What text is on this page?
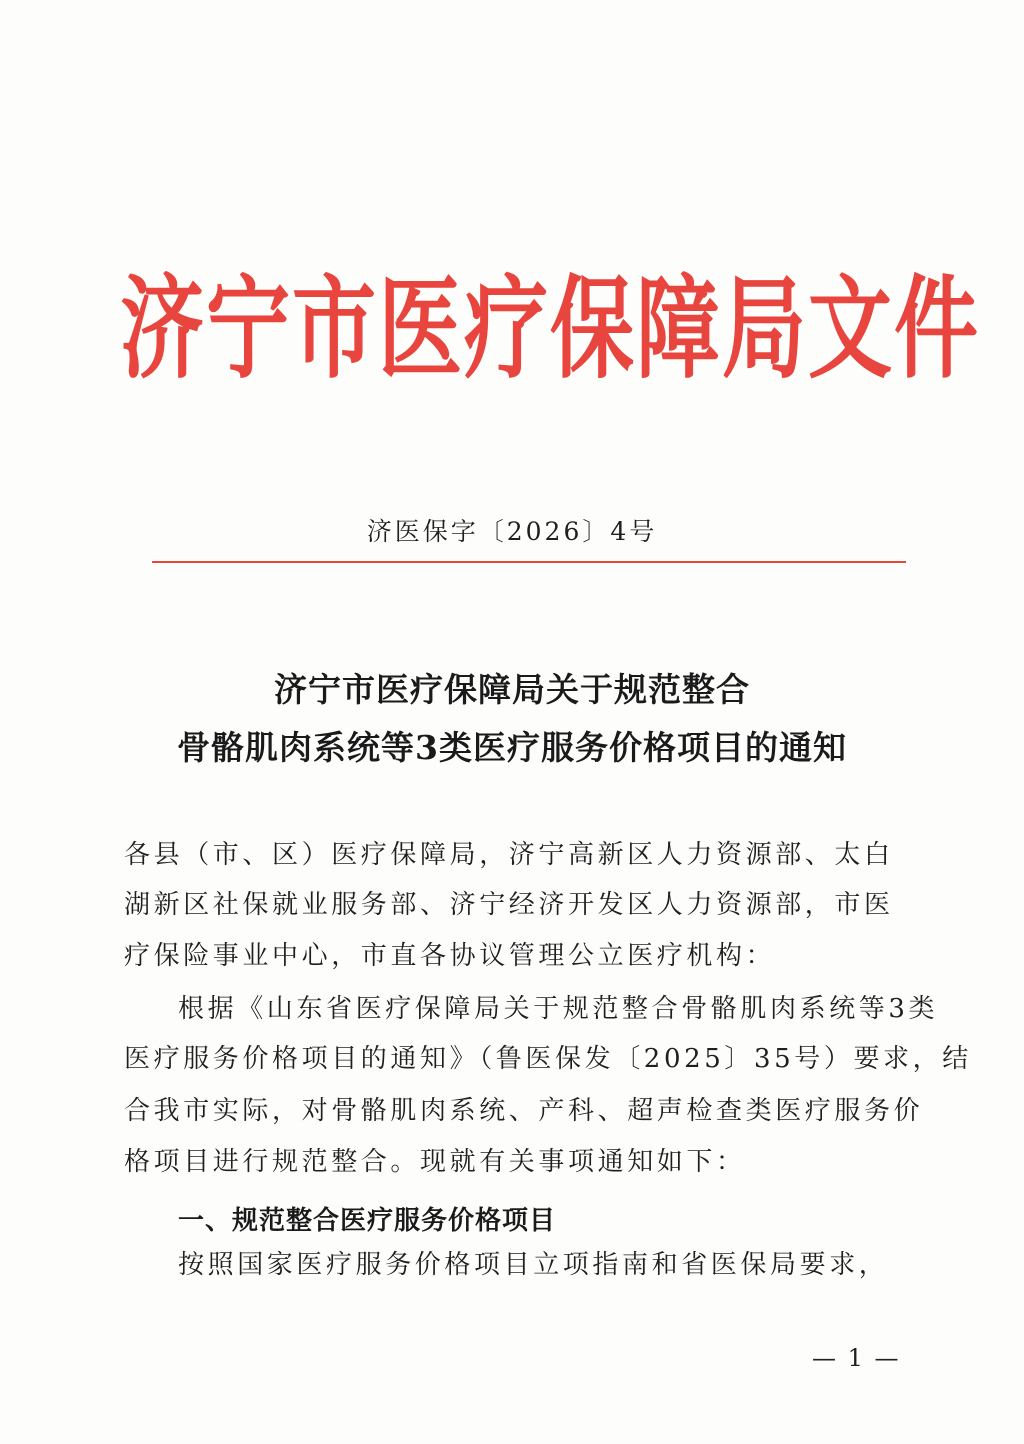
济宁市医疗保障局文件
济医保字〔2026〕4号
济宁市医疗保障局关于规范整合
骨骼肌肉系统等3类医疗服务价格项目的通知
各县（市、区）医疗保障局，济宁高新区人力资源部、太白
湖新区社保就业服务部、济宁经济开发区人力资源部，市医
疗保险事业中心，市直各协议管理公立医疗机构：
根据《山东省医疗保障局关于规范整合骨骼肌肉系统等3类
医疗服务价格项目的通知》（鲁医保发〔2025〕35号）要求，结
合我市实际，对骨骼肌肉系统、产科、超声检查类医疗服务价
格项目进行规范整合。现就有关事项通知如下：
一、规范整合医疗服务价格项目
按照国家医疗服务价格项目立项指南和省医保局要求，
— 1 —
